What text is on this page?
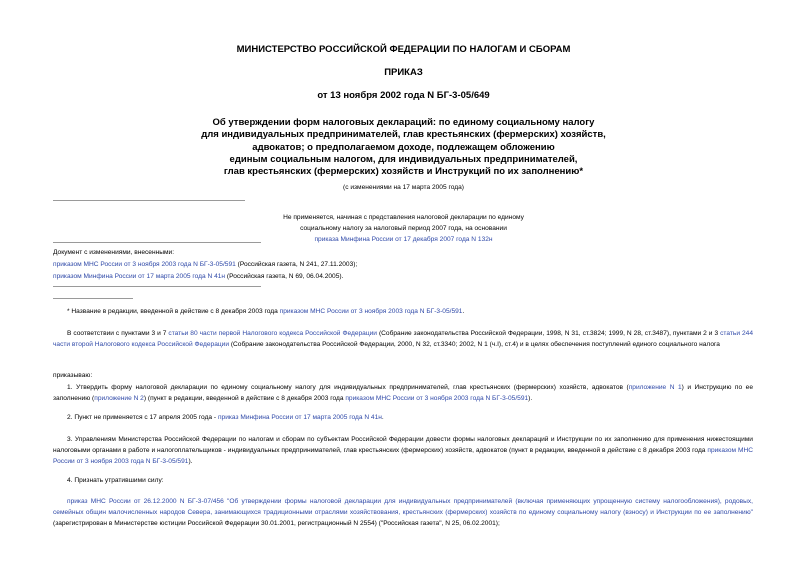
МИНИСТЕРСТВО РОССИЙСКОЙ ФЕДЕРАЦИИ ПО НАЛОГАМ И СБОРАМ
ПРИКАЗ
от 13 ноября 2002 года N БГ-3-05/649
Об утверждении форм налоговых деклараций: по единому социальному налогу
для индивидуальных предпринимателей, глав крестьянских (фермерских) хозяйств,
адвокатов; о предполагаемом доходе, подлежащем обложению
единым социальным налогом, для индивидуальных предпринимателей,
глав крестьянских (фермерских) хозяйств и Инструкций по их заполнению*
(с изменениями на 17 марта 2005 года)
Не применяется, начиная с представления налоговой декларации по единому
социальному налогу за налоговый период 2007 года, на основании
приказа Минфина России от 17 декабря 2007 года N 132н
Документ с изменениями, внесенными:
приказом МНС России от 3 ноября 2003 года N БГ-3-05/591 (Российская газета, N 241, 27.11.2003);
приказом Минфина России от 17 марта 2005 года N 41н (Российская газета, N 69, 06.04.2005).

* Название в редакции, введенной в действие с 8 декабря 2003 года приказом МНС России от 3 ноября 2003 года N БГ-3-05/591.

В соответствии с пунктами 3 и 7 статьи 80 части первой Налогового кодекса Российской Федерации (Собрание законодательства Российской Федерации, 1998, N 31, ст.3824; 1999, N 28, ст.3487), пунктами 2 и 3 статьи 244 части второй Налогового кодекса Российской Федерации (Собрание законодательства Российской Федерации, 2000, N 32, ст.3340; 2002, N 1 (ч.I), ст.4) и в целях обеспечения поступлений единого социального налога

приказываю:

1. Утвердить форму налоговой декларации по единому социальному налогу для индивидуальных предпринимателей, глав крестьянских (фермерских) хозяйств, адвокатов (приложение N 1) и Инструкцию по ее заполнению (приложение N 2) (пункт в редакции, введенной в действие с 8 декабря 2003 года приказом МНС России от 3 ноября 2003 года N БГ-3-05/591).

2. Пункт не применяется с 17 апреля 2005 года - приказ Минфина России от 17 марта 2005 года N 41н.

3. Управлениям Министерства Российской Федерации по налогам и сборам по субъектам Российской Федерации довести формы налоговых деклараций и Инструкции по их заполнению для применения нижестоящими налоговыми органами в работе и налогоплательщиков - индивидуальных предпринимателей, глав крестьянских (фермерских) хозяйств, адвокатов (пункт в редакции, введенной в действие с 8 декабря 2003 года приказом МНС России от 3 ноября 2003 года N БГ-3-05/591).

4. Признать утратившими силу:

приказ МНС России от 26.12.2000 N БГ-3-07/456 "Об утверждении формы налоговой декларации для индивидуальных предпринимателей (включая применяющих упрощенную систему налогообложения), родовых, семейных общин малочисленных народов Севера, занимающихся традиционными отраслями хозяйствования, крестьянских (фермерских) хозяйств по единому социальному налогу (взносу) и Инструкции по ее заполнению" (зарегистрирован в Министерстве юстиции Российской Федерации 30.01.2001, регистрационный N 2554) ("Российская газета", N 25, 06.02.2001);
